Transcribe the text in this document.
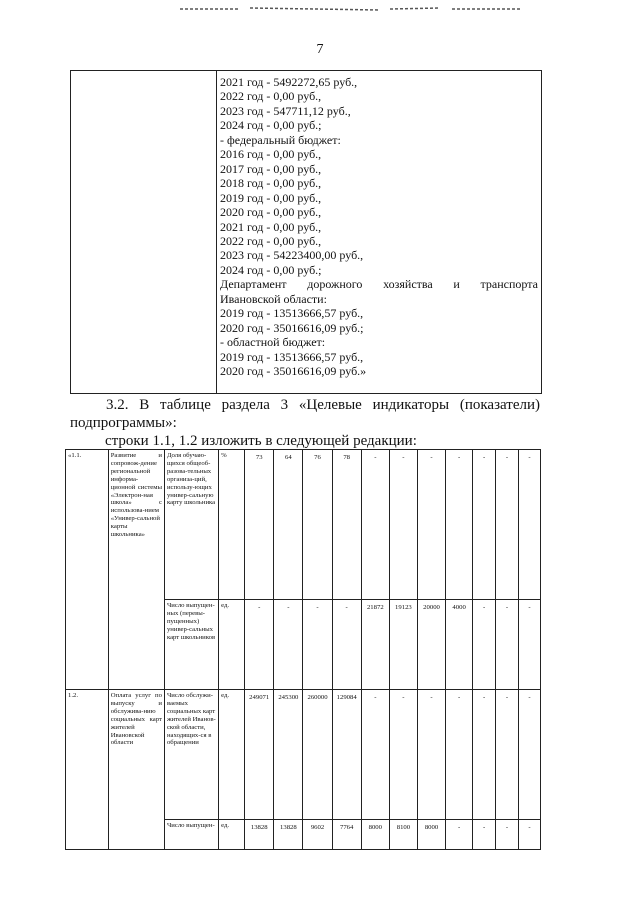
7
2021 год - 5492272,65 руб.,
2022 год - 0,00 руб.,
2023 год - 547711,12 руб.,
2024 год - 0,00 руб.;
- федеральный бюджет:
2016 год - 0,00 руб.,
2017 год - 0,00 руб.,
2018 год - 0,00 руб.,
2019 год - 0,00 руб.,
2020 год - 0,00 руб.,
2021 год - 0,00 руб.,
2022 год - 0,00 руб.,
2023 год - 54223400,00 руб.,
2024 год - 0,00 руб.;
Департамент дорожного хозяйства и транспорта
Ивановской области:
2019 год - 13513666,57 руб.,
2020 год - 35016616,09 руб.;
- областной бюджет:
2019 год - 13513666,57 руб.,
2020 год - 35016616,09 руб.»
3.2. В таблице раздела 3 «Целевые индикаторы (показатели)
подпрограммы»:
строки 1.1, 1.2 изложить в следующей редакции:
«1.1.	Развитие и сопровож-дение региональной информа-ционной системы «Электрон-ная школа» с использова-нием «Универ-сальной карты школьника»	Доля обучаю-щихся общеоб-разова-тельных организа-ций, использу-ющих универ-сальную карту школьника	%	73	64	76	78	-	-	-	-	-	-	-
		Число выпущен-ных (перевы-пущенных) универ-сальных карт школьников	ед.	-	-	-	-	21872	19123	20000	4000	-	-	-
1.2.	Оплата услуг по выпуску и обслужива-нию социальных карт жителей Ивановской области	Число обслужи-ваемых социальных карт жителей Иванов-ской области, находящих-ся в обращении	ед.	249071	245300	260000	129084	-	-	-	-	-	-	-
		Число выпущен-	ед.	13828	13828	9602	7764	8000	8100	8000	-	-	-	-
